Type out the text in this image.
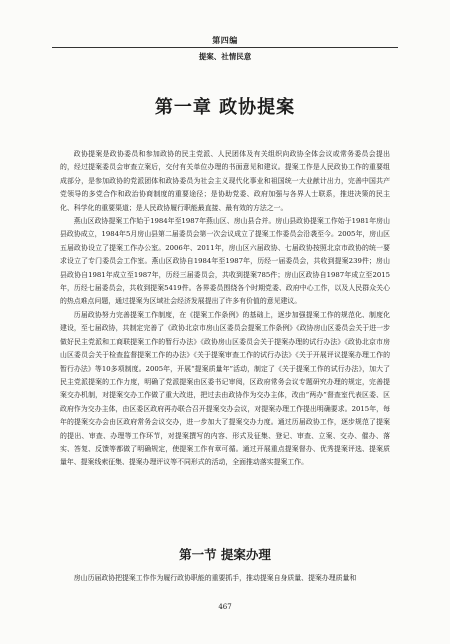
第四编
提案、社情民意
第一章 政协提案

政协提案是政协委员和参加政协的民主党派、人民团体及有关组织向政协全体会议或常务委员会提出的，经过提案委员会审查立案后，交付有关单位办理的书面意见和建议。提案工作是人民政协工作的重要组成部分，是参加政协的党派团体和政协委员为社会主义现代化事业和祖国统一大业献计出力，完善中国共产党领导的多党合作和政治协商制度的重要途径；是协助党委、政府加强与各界人士联系，推进决策的民主化、科学化的重要渠道；是人民政协履行职能最直接、最有效的方法之一。

燕山区政协提案工作始于1984年至1987年燕山区、房山县合并。房山县政协提案工作始于1981年房山县政协成立，1984年5月房山县第二届委员会第一次会议成立了提案工作委员会沿袭至今。2005年，房山区五届政协设立了提案工作办公室。2006年、2011年，房山区六届政协、七届政协按照北京市政协的统一要求设立了专门委员会工作室。燕山区政协自1984年至1987年，历经一届委员会，共收到提案239件；房山县政协自1981年成立至1987年，历经三届委员会，共收到提案785件；房山区政协自1987年成立至2015年，历经七届委员会，共收到提案5419件。各界委员围绕各个时期党委、政府中心工作，以及人民群众关心的热点难点问题，通过提案为区域社会经济发展提出了许多有价值的意见建议。

历届政协努力完善提案工作制度，在《提案工作条例》的基础上，逐步加强提案工作的规范化、制度化建设，至七届政协，共制定完善了《政协北京市房山区委员会提案工作条例》《政协房山区委员会关于进一步做好民主党派和工商联提案工作的暂行办法》《政协房山区委员会关于提案办理的试行办法》《政协北京市房山区委员会关于检查监督提案工作的办法》《关于提案审查工作的试行办法》《关于开展评议提案办理工作的暂行办法》等10多项制度。2005年，开展“提案质量年”活动，制定了《关于提案工作的试行办法》，加大了民主党派提案的工作力度，明确了党派提案由区委书记审阅，区政府常务会议专题研究办理的规定，完善提案交办机制，对提案交办工作做了重大改进，把过去由政协作为交办主体，改由“两办”督查室代表区委、区政府作为交办主体，由区委区政府再办联合召开提案交办会议，对提案办理工作提出明确要求。2015年，每年的提案交办会由区政府常务会议交办，进一步加大了提案交办力度。通过历届政协工作，逐步规范了提案的提出、审查、办理等工作环节，对提案撰写的内容、形式及征集、登记、审查、立案、交办、催办、落实、答复、反馈等都做了明确规定，使提案工作有章可循。通过开展重点提案督办、优秀提案评选、提案质量年、提案线索征集、提案办理评议等不同形式的活动，全面推动落实提案工作。

第一节 提案办理

房山历届政协把提案工作作为履行政协职能的重要抓手，推动提案自身质量、提案办理质量和

467
